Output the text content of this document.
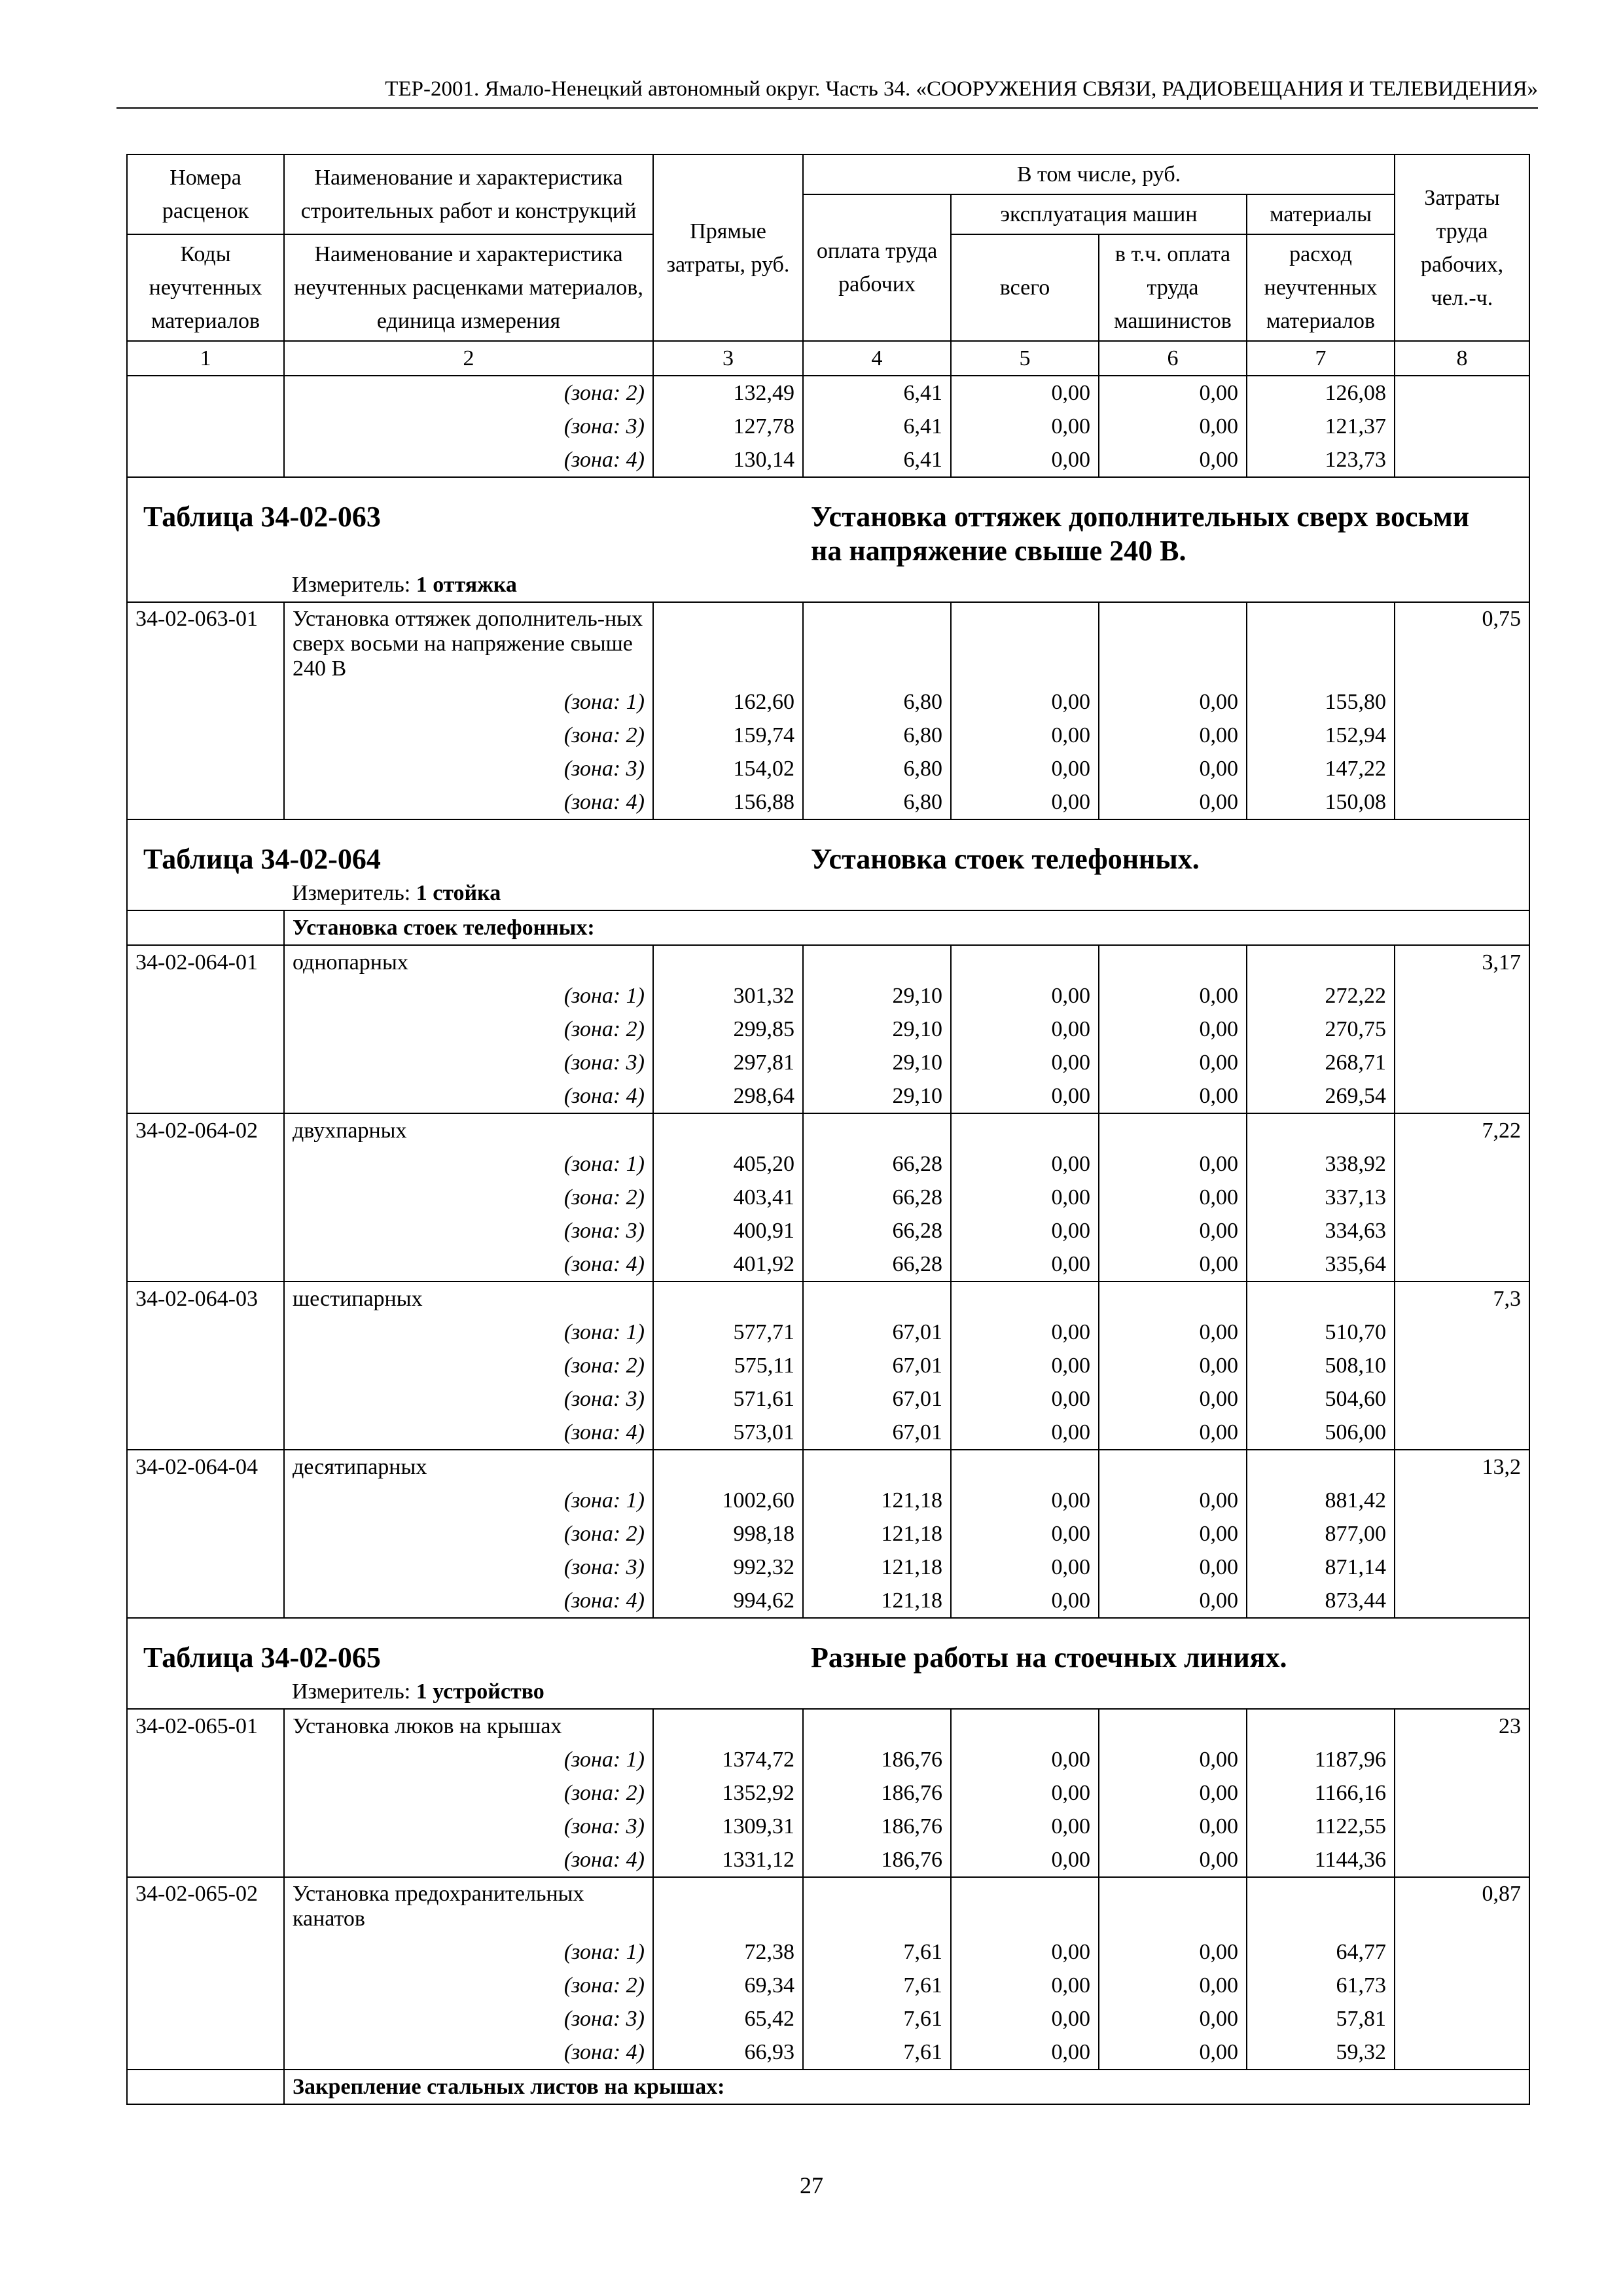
ТЕР-2001. Ямало-Ненецкий автономный округ. Часть 34. «СООРУЖЕНИЯ СВЯЗИ, РАДИОВЕЩАНИЯ И ТЕЛЕВИДЕНИЯ»
Номера расценок	Наименование и характеристика строительных работ и конструкций	Прямые затраты, руб.	В том числе, руб.				Затраты труда рабочих, чел.-ч.
			оплата труда рабочих	эксплуатация машин		материалы	
Коды неучтенных материалов	Наименование и характеристика неучтенных расценками материалов, единица измерения			всего	в т.ч. оплата труда машинистов	расход неучтенных материалов	
1	2	3	4	5	6	7	8
	(зона: 2)	132,49	6,41	0,00	0,00	126,08	
	(зона: 3)	127,78	6,41	0,00	0,00	121,37	
	(зона: 4)	130,14	6,41	0,00	0,00	123,73	
Таблица 34-02-063			Установка оттяжек дополнительных сверх восьми на напряжение свыше 240 В.				
	Измеритель: 1 оттяжка						
34-02-063-01	Установка оттяжек дополнитель-ных сверх восьми на напряжение свыше 240 В						0,75
	(зона: 1)	162,60	6,80	0,00	0,00	155,80	
	(зона: 2)	159,74	6,80	0,00	0,00	152,94	
	(зона: 3)	154,02	6,80	0,00	0,00	147,22	
	(зона: 4)	156,88	6,80	0,00	0,00	150,08	
Таблица 34-02-064			Установка стоек телефонных.				
	Измеритель: 1 стойка						
	Установка стоек телефонных:						
34-02-064-01	однопарных						3,17
	(зона: 1)	301,32	29,10	0,00	0,00	272,22	
	(зона: 2)	299,85	29,10	0,00	0,00	270,75	
	(зона: 3)	297,81	29,10	0,00	0,00	268,71	
	(зона: 4)	298,64	29,10	0,00	0,00	269,54	
34-02-064-02	двухпарных						7,22
	(зона: 1)	405,20	66,28	0,00	0,00	338,92	
	(зона: 2)	403,41	66,28	0,00	0,00	337,13	
	(зона: 3)	400,91	66,28	0,00	0,00	334,63	
	(зона: 4)	401,92	66,28	0,00	0,00	335,64	
34-02-064-03	шестипарных						7,3
	(зона: 1)	577,71	67,01	0,00	0,00	510,70	
	(зона: 2)	575,11	67,01	0,00	0,00	508,10	
	(зона: 3)	571,61	67,01	0,00	0,00	504,60	
	(зона: 4)	573,01	67,01	0,00	0,00	506,00	
34-02-064-04	десятипарных						13,2
	(зона: 1)	1002,60	121,18	0,00	0,00	881,42	
	(зона: 2)	998,18	121,18	0,00	0,00	877,00	
	(зона: 3)	992,32	121,18	0,00	0,00	871,14	
	(зона: 4)	994,62	121,18	0,00	0,00	873,44	
Таблица 34-02-065			Разные работы на стоечных линиях.				
	Измеритель: 1 устройство						
34-02-065-01	Установка люков на крышах						23
	(зона: 1)	1374,72	186,76	0,00	0,00	1187,96	
	(зона: 2)	1352,92	186,76	0,00	0,00	1166,16	
	(зона: 3)	1309,31	186,76	0,00	0,00	1122,55	
	(зона: 4)	1331,12	186,76	0,00	0,00	1144,36	
34-02-065-02	Установка предохранительных канатов						0,87
	(зона: 1)	72,38	7,61	0,00	0,00	64,77	
	(зона: 2)	69,34	7,61	0,00	0,00	61,73	
	(зона: 3)	65,42	7,61	0,00	0,00	57,81	
	(зона: 4)	66,93	7,61	0,00	0,00	59,32	
	Закрепление стальных листов на крышах:						
27
